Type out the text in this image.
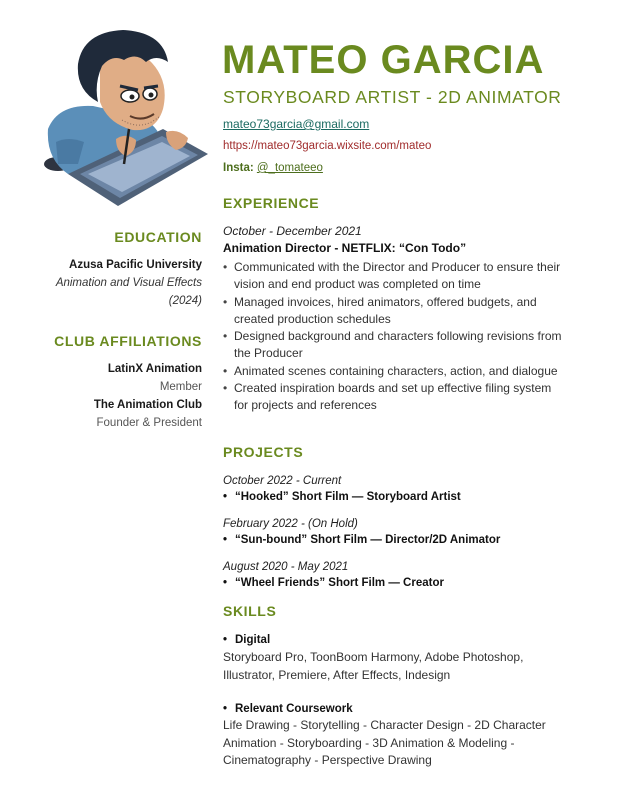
MATEO GARCIA
STORYBOARD ARTIST - 2D ANIMATOR
mateo73garcia@gmail.com
https://mateo73garcia.wixsite.com/mateo
Insta: @_tomateeo
EDUCATION
Azusa Pacific University
Animation and Visual Effects
(2024)
CLUB AFFILIATIONS
LatinX Animation
Member
The Animation Club
Founder & President
EXPERIENCE
October - December 2021
Animation Director - NETFLIX: “Con Todo”
• Communicated with the Director and Producer to ensure their
vision and end product was completed on time
• Managed invoices, hired animators, offered budgets, and
created production schedules
• Designed background and characters following revisions from
the Producer
• Animated scenes containing characters, action, and dialogue
• Created inspiration boards and set up effective filing system
for projects and references
PROJECTS
October 2022 - Current
• “Hooked” Short Film — Storyboard Artist
February 2022 - (On Hold)
• “Sun-bound” Short Film — Director/2D Animator
August 2020 - May 2021
• “Wheel Friends” Short Film — Creator
SKILLS
• Digital
Storyboard Pro, ToonBoom Harmony, Adobe Photoshop,
Illustrator, Premiere, After Effects, Indesign
• Relevant Coursework
Life Drawing - Storytelling - Character Design - 2D Character
Animation - Storyboarding - 3D Animation & Modeling -
Cinematography - Perspective Drawing
